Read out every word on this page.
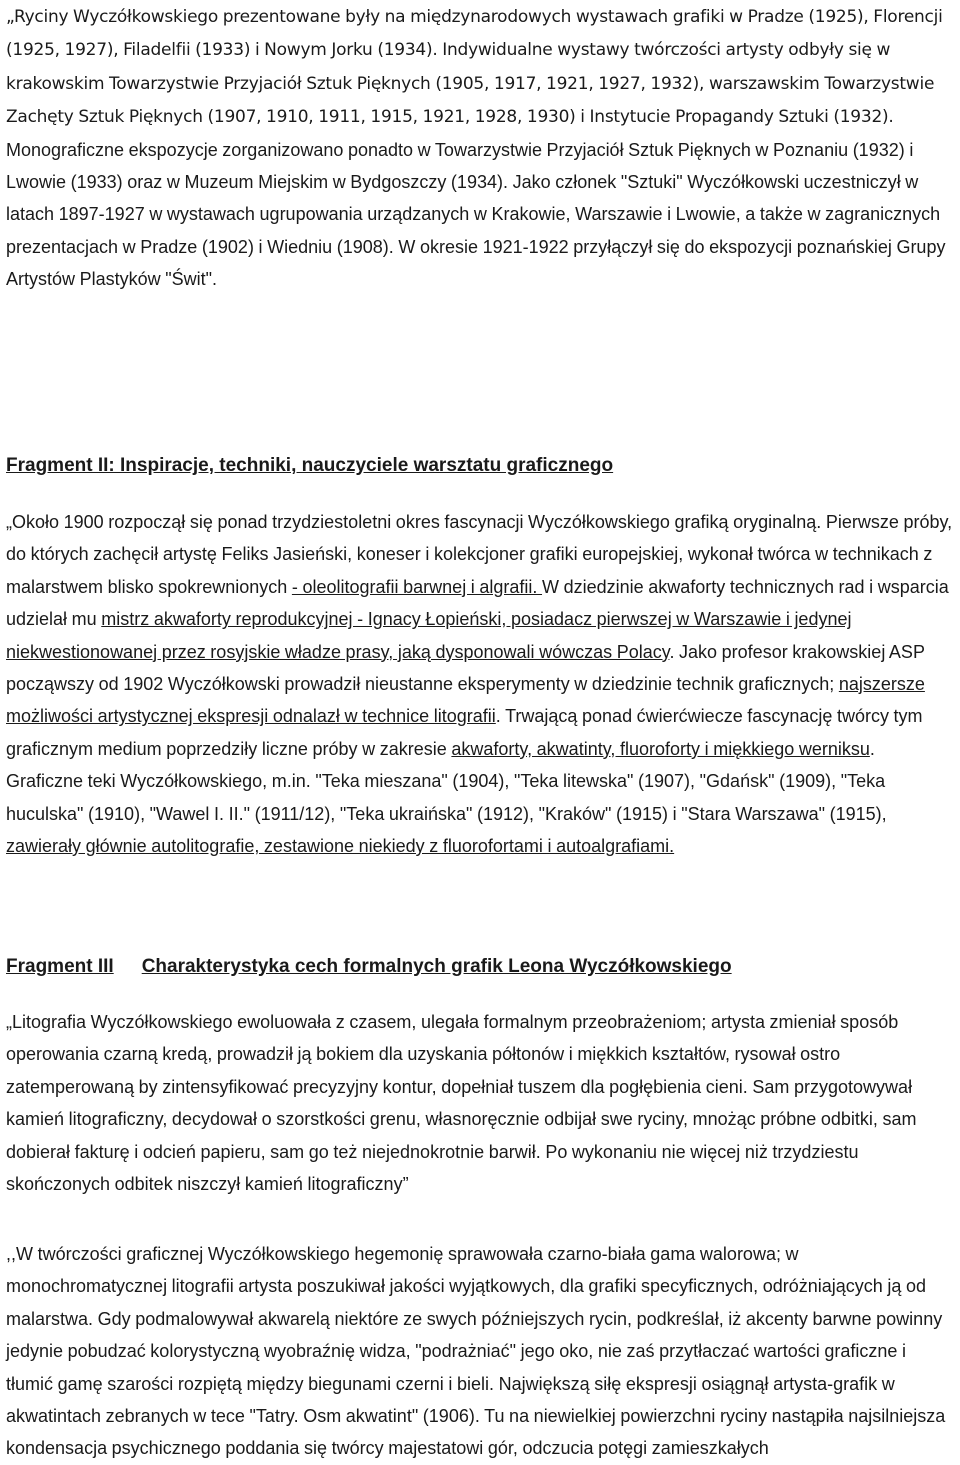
„Ryciny Wyczółkowskiego prezentowane były na międzynarodowych wystawach grafiki w Pradze (1925), Florencji (1925, 1927), Filadelfii (1933) i Nowym Jorku (1934). Indywidualne wystawy twórczości artysty odbyły się w krakowskim Towarzystwie Przyjaciół Sztuk Pięknych (1905, 1917, 1921, 1927, 1932), warszawskim Towarzystwie Zachęty Sztuk Pięknych (1907, 1910, 1911, 1915, 1921, 1928, 1930) i Instytucie Propagandy Sztuki (1932). Monograficzne ekspozycje zorganizowano ponadto w Towarzystwie Przyjaciół Sztuk Pięknych w Poznaniu (1932) i Lwowie (1933) oraz w Muzeum Miejskim w Bydgoszczy (1934). Jako członek "Sztuki" Wyczółkowski uczestniczył w latach 1897-1927 w wystawach ugrupowania urządzanych w Krakowie, Warszawie i Lwowie, a także w zagranicznych prezentacjach w Pradze (1902) i Wiedniu (1908). W okresie 1921-1922 przyłączył się do ekspozycji poznańskiej Grupy Artystów Plastyków "Świt".

Fragment II: Inspiracje, techniki, nauczyciele warsztatu graficznego

„Około 1900 rozpoczął się ponad trzydziestoletni okres fascynacji Wyczółkowskiego grafiką oryginalną. Pierwsze próby, do których zachęcił artystę Feliks Jasieński, koneser i kolekcjoner grafiki europejskiej, wykonał twórca w technikach z malarstwem blisko spokrewnionych - oleolitografii barwnej i algrafii. W dziedzinie akwaforty technicznych rad i wsparcia udzielał mu mistrz akwaforty reprodukcyjnej - Ignacy Łopieński, posiadacz pierwszej w Warszawie i jedynej niekwestionowanej przez rosyjskie władze prasy, jaką dysponowali wówczas Polacy. Jako profesor krakowskiej ASP począwszy od 1902 Wyczółkowski prowadził nieustanne eksperymenty w dziedzinie technik graficznych; najszersze możliwości artystycznej ekspresji odnalazł w technice litografii. Trwającą ponad ćwierćwiecze fascynację twórcy tym graficznym medium poprzedziły liczne próby w zakresie akwaforty, akwatinty, fluoroforty i miękkiego werniksu. Graficzne teki Wyczółkowskiego, m.in. "Teka mieszana" (1904), "Teka litewska" (1907), "Gdańsk" (1909), "Teka huculska" (1910), "Wawel I. II." (1911/12), "Teka ukraińska" (1912), "Kraków" (1915) i "Stara Warszawa" (1915), zawierały głównie autolitografie, zestawione niekiedy z fluorofortami i autoalgrafiami.

Fragment III Charakterystyka cech formalnych grafik Leona Wyczółkowskiego

„Litografia Wyczółkowskiego ewoluowała z czasem, ulegała formalnym przeobrażeniom; artysta zmieniał sposób operowania czarną kredą, prowadził ją bokiem dla uzyskania półtonów i miękkich kształtów, rysował ostro zatemperowaną by zintensyfikować precyzyjny kontur, dopełniał tuszem dla pogłębienia cieni. Sam przygotowywał kamień litograficzny, decydował o szorstkości grenu, własnoręcznie odbijał swe ryciny, mnożąc próbne odbitki, sam dobierał fakturę i odcień papieru, sam go też niejednokrotnie barwił. Po wykonaniu nie więcej niż trzydziestu skończonych odbitek niszczył kamień litograficzny”

,,W twórczości graficznej Wyczółkowskiego hegemonię sprawowała czarno-biała gama walorowa; w monochromatycznej litografii artysta poszukiwał jakości wyjątkowych, dla grafiki specyficznych, odróżniających ją od malarstwa. Gdy podmalowywał akwarelą niektóre ze swych późniejszych rycin, podkreślał, iż akcenty barwne powinny jedynie pobudzać kolorystyczną wyobraźnię widza, "podrażniać" jego oko, nie zaś przytłaczać wartości graficzne i tłumić gamę szarości rozpiętą między biegunami czerni i bieli. Największą siłę ekspresji osiągnął artysta-grafik w akwatintach zebranych w tece "Tatry. Osm akwatint" (1906). Tu na niewielkiej powierzchni ryciny nastąpiła najsilniejsza kondensacja psychicznego poddania się twórcy majestatowi gór, odczucia potęgi zamieszkałych
